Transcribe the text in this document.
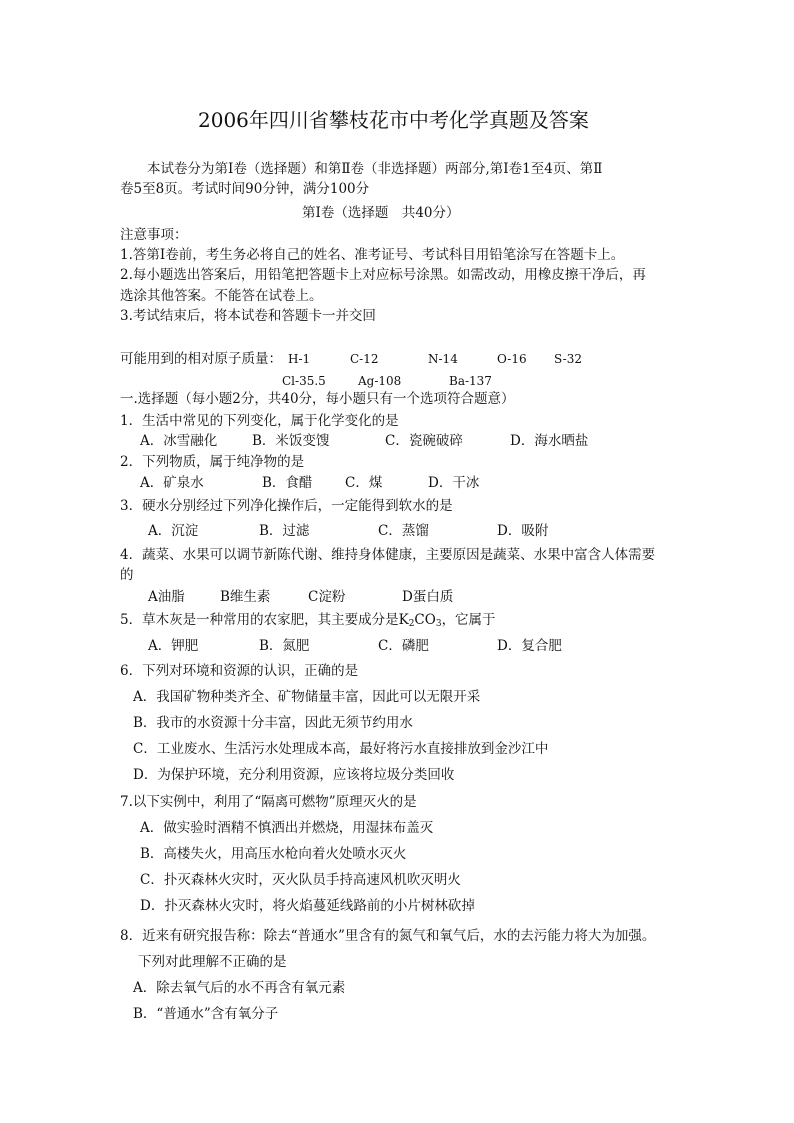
2006年四川省攀枝花市中考化学真题及答案
本试卷分为第Ⅰ卷（选择题）和第Ⅱ卷（非选择题）两部分,第Ⅰ卷1至4页、第Ⅱ
卷5至8页。考试时间90分钟，满分100分
第Ⅰ卷（选择题　共40分）
注意事项：
1.答第Ⅰ卷前，考生务必将自己的姓名、准考证号、考试科目用铅笔涂写在答题卡上。
2.每小题选出答案后，用铅笔把答题卡上对应标号涂黑。如需改动，用橡皮擦干净后，再
选涂其他答案。不能答在试卷上。
3.考试结束后，将本试卷和答题卡一并交回
可能用到的相对原子质量： H-1	C-12	N-14	O-16 S-32
Cl-35.5	Ag-108	Ba-137
一.选择题（每小题2分，共40分，每小题只有一个选项符合题意）
1．生活中常见的下列变化，属于化学变化的是
A．冰雪融化	B．米饭变馊	C．瓷碗破碎	D．海水晒盐
2．下列物质，属于纯净物的是
A．矿泉水	B．食醋 C．煤	D．干冰
3．硬水分别经过下列净化操作后，一定能得到软水的是
A．沉淀	B．过滤	C．蒸馏	D．吸附
4．蔬菜、水果可以调节新陈代谢、维持身体健康，主要原因是蔬菜、水果中富含人体需要
的
A油脂	B维生素	C淀粉	D蛋白质
5．草木灰是一种常用的农家肥，其主要成分是$K_2CO_3$，它属于
A．钾肥	B．氮肥	C．磷肥	D．复合肥
6．下列对环境和资源的认识，正确的是
A．我国矿物种类齐全、矿物储量丰富，因此可以无限开采
B．我市的水资源十分丰富，因此无须节约用水
C．工业废水、生活污水处理成本高，最好将污水直接排放到金沙江中
D．为保护环境，充分利用资源，应该将垃圾分类回收
7.以下实例中，利用了“隔离可燃物”原理灭火的是
A．做实验时酒精不慎洒出并燃烧，用湿抹布盖灭
B．高楼失火，用高压水枪向着火处喷水灭火
C．扑灭森林火灾时，灭火队员手持高速风机吹灭明火
D．扑灭森林火灾时，将火焰蔓延线路前的小片树林砍掉
8．近来有研究报告称：除去“普通水”里含有的氮气和氧气后，水的去污能力将大为加强。
下列对此理解不正确的是
A．除去氧气后的水不再含有氧元素
B．“普通水”含有氧分子
